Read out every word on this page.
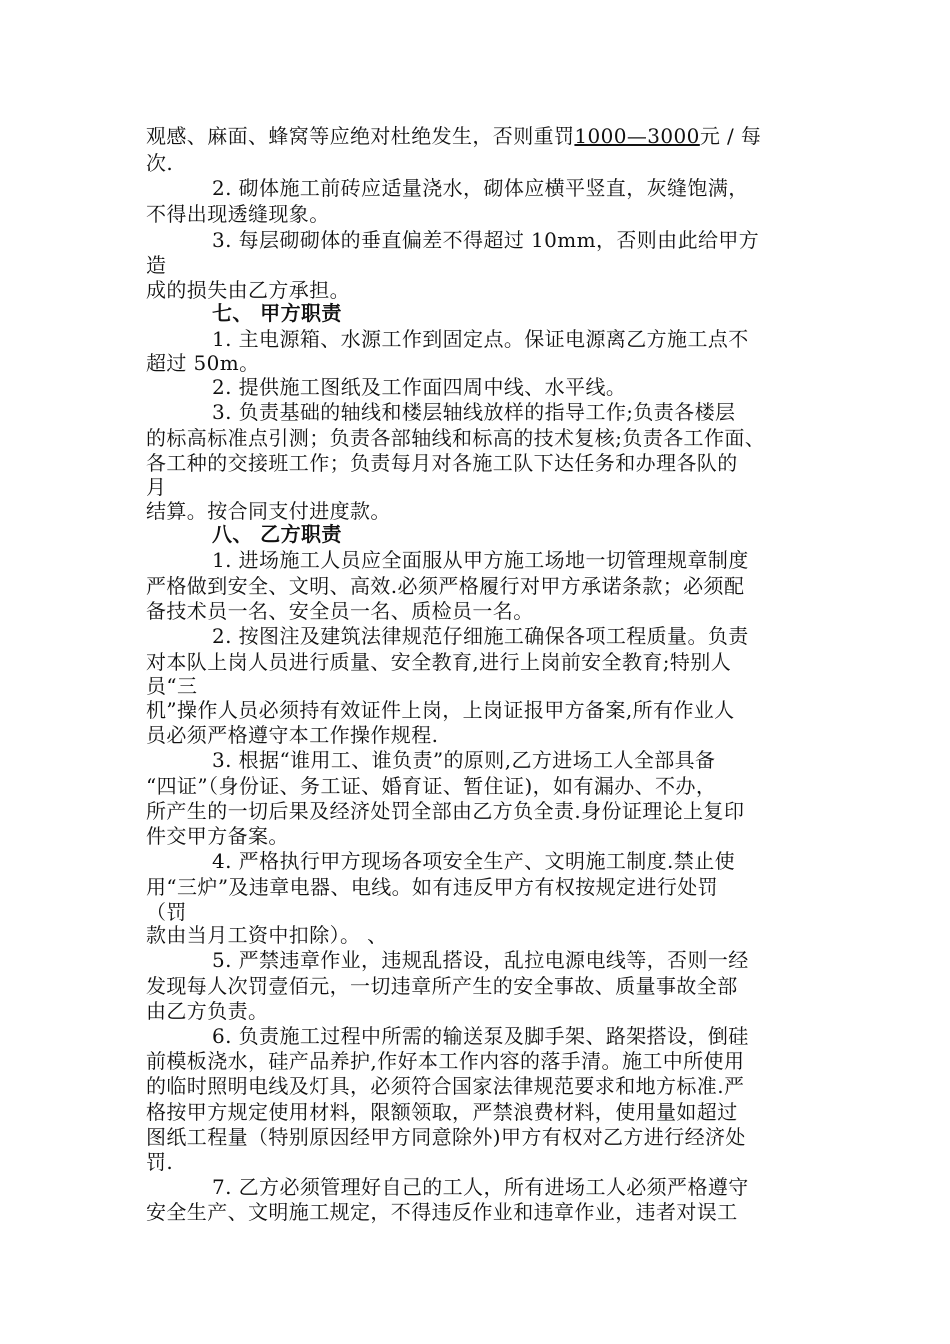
观感、麻面、蜂窝等应绝对杜绝发生，否则重罚1000—3000元 / 每

次.

2. 砌体施工前砖应适量浇水，砌体应横平竖直，灰缝饱满，

不得出现透缝现象。

3. 每层砌砌体的垂直偏差不得超过 10mm，否则由此给甲方

造

成的损失由乙方承担。

七、 甲方职责

1. 主电源箱、水源工作到固定点。保证电源离乙方施工点不

超过 50m。

2. 提供施工图纸及工作面四周中线、水平线。

3. 负责基础的轴线和楼层轴线放样的指导工作;负责各楼层

的标高标准点引测；负责各部轴线和标高的技术复核;负责各工作面、

各工种的交接班工作；负责每月对各施工队下达任务和办理各队的

月

结算。按合同支付进度款。

八、 乙方职责

1. 进场施工人员应全面服从甲方施工场地一切管理规章制度

严格做到安全、文明、高效.必须严格履行对甲方承诺条款；必须配

备技术员一名、安全员一名、质检员一名。

2. 按图注及建筑法律规范仔细施工确保各项工程质量。负责

对本队上岗人员进行质量、安全教育,进行上岗前安全教育;特别人

员“三

机”操作人员必须持有效证件上岗，上岗证报甲方备案,所有作业人

员必须严格遵守本工作操作规程.

3. 根据“谁用工、谁负责”的原则,乙方进场工人全部具备

“四证”（身份证、务工证、婚育证、暂住证)，如有漏办、不办，

所产生的一切后果及经济处罚全部由乙方负全责.身份证理论上复印

件交甲方备案。

4. 严格执行甲方现场各项安全生产、文明施工制度.禁止使

用“三炉”及违章电器、电线。如有违反甲方有权按规定进行处罚

（罚

款由当月工资中扣除）。 、

5. 严禁违章作业，违规乱搭设，乱拉电源电线等，否则一经

发现每人次罚壹佰元，一切违章所产生的安全事故、质量事故全部

由乙方负责。

6. 负责施工过程中所需的输送泵及脚手架、路架搭设，倒硅

前模板浇水，硅产品养护,作好本工作内容的落手清。施工中所使用

的临时照明电线及灯具，必须符合国家法律规范要求和地方标准.严

格按甲方规定使用材料，限额领取，严禁浪费材料，使用量如超过

图纸工程量（特别原因经甲方同意除外)甲方有权对乙方进行经济处

罚.

7. 乙方必须管理好自己的工人，所有进场工人必须严格遵守

安全生产、文明施工规定，不得违反作业和违章作业，违者对误工
